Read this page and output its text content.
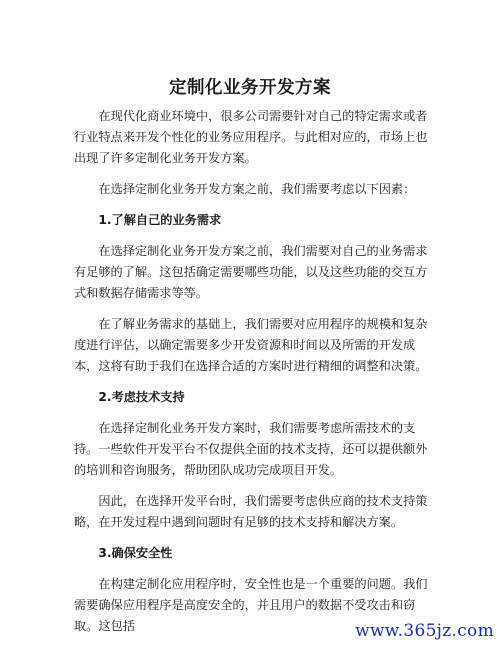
定制化业务开发方案

在现代化商业环境中，很多公司需要针对自己的特定需求或者行业特点来开发个性化的业务应用程序。与此相对应的，市场上也出现了许多定制化业务开发方案。

在选择定制化业务开发方案之前，我们需要考虑以下因素：

1.了解自己的业务需求

在选择定制化业务开发方案之前，我们需要对自己的业务需求有足够的了解。这包括确定需要哪些功能，以及这些功能的交互方式和数据存储需求等等。

在了解业务需求的基础上，我们需要对应用程序的规模和复杂度进行评估，以确定需要多少开发资源和时间以及所需的开发成本，这将有助于我们在选择合适的方案时进行精细的调整和决策。

2.考虑技术支持

在选择定制化业务开发方案时，我们需要考虑所需技术的支持。一些软件开发平台不仅提供全面的技术支持，还可以提供额外的培训和咨询服务，帮助团队成功完成项目开发。

因此，在选择开发平台时，我们需要考虑供应商的技术支持策略，在开发过程中遇到问题时有足够的技术支持和解决方案。

3.确保安全性

在构建定制化应用程序时，安全性也是一个重要的问题。我们需要确保应用程序是高度安全的，并且用户的数据不受攻击和窃取。这包括	www.365jz.com
